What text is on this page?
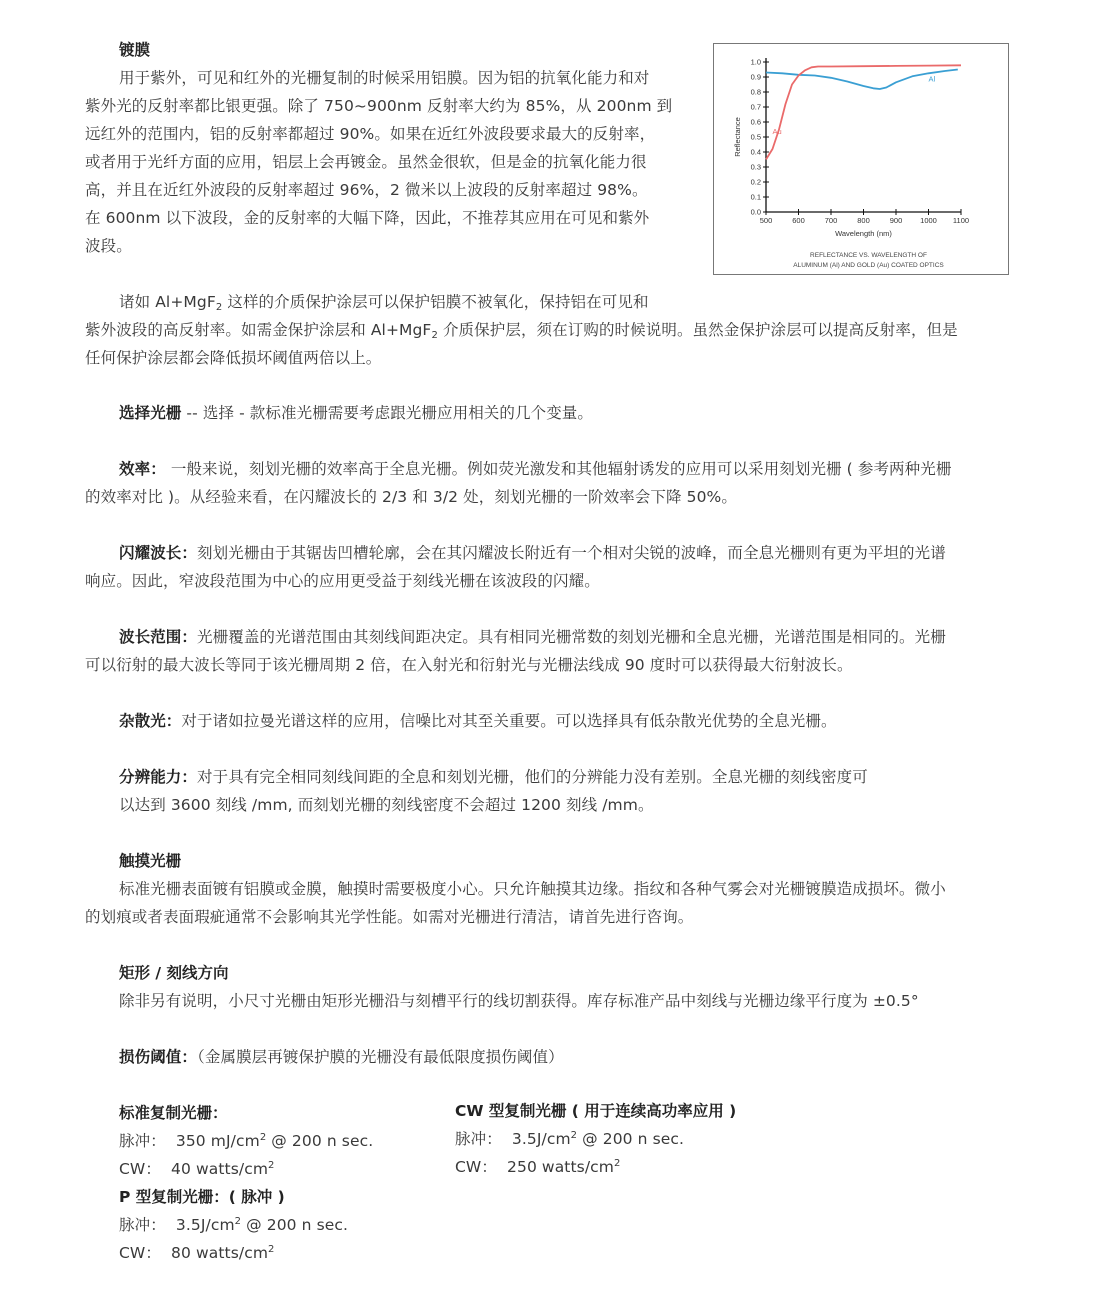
镀膜
用于紫外，可见和红外的光栅复制的时候采用铝膜。因为铝的抗氧化能力和对
紫外光的反射率都比银更强。除了 750~900nm 反射率大约为 85%，从 200nm 到
远红外的范围内，铝的反射率都超过 90%。如果在近红外波段要求最大的反射率，
或者用于光纤方面的应用，铝层上会再镀金。虽然金很软，但是金的抗氧化能力很
高，并且在近红外波段的反射率超过 96%，2 微米以上波段的反射率超过 98%。
在 600nm 以下波段，金的反射率的大幅下降，因此，不推荐其应用在可见和紫外
波段。
诸如 Al+MgF$_2$ 这样的介质保护涂层可以保护铝膜不被氧化，保持铝在可见和
紫外波段的高反射率。如需金保护涂层和 Al+MgF$_2$ 介质保护层，须在订购的时候说明。虽然金保护涂层可以提高反射率，但是
任何保护涂层都会降低损坏阈值两倍以上。
0.0
0.1
0.2
0.3
0.4
0.5
0.6
0.7
0.8
0.9
1.0
500	600	700	800	900 1000 1100
Wavelength (nm)
Reflectance
Al
Au
REFLECTANCE VS. WAVELENGTH OF
ALUMINUM (Al) AND GOLD (Au) COATED OPTICS
选择光栅 -- 选择 - 款标准光栅需要考虑跟光栅应用相关的几个变量。
效率： 一般来说，刻划光栅的效率高于全息光栅。例如荧光激发和其他辐射诱发的应用可以采用刻划光栅 ( 参考两种光栅
的效率对比 )。从经验来看，在闪耀波长的 2/3 和 3/2 处，刻划光栅的一阶效率会下降 50%。
闪耀波长：刻划光栅由于其锯齿凹槽轮廓，会在其闪耀波长附近有一个相对尖锐的波峰，而全息光栅则有更为平坦的光谱
响应。因此，窄波段范围为中心的应用更受益于刻线光栅在该波段的闪耀。
波长范围：光栅覆盖的光谱范围由其刻线间距决定。具有相同光栅常数的刻划光栅和全息光栅，光谱范围是相同的。光栅
可以衍射的最大波长等同于该光栅周期 2 倍，在入射光和衍射光与光栅法线成 90 度时可以获得最大衍射波长。
杂散光：对于诸如拉曼光谱这样的应用，信噪比对其至关重要。可以选择具有低杂散光优势的全息光栅。
分辨能力：对于具有完全相同刻线间距的全息和刻划光栅，他们的分辨能力没有差别。全息光栅的刻线密度可
以达到 3600 刻线 /mm, 而刻划光栅的刻线密度不会超过 1200 刻线 /mm。
触摸光栅
标准光栅表面镀有铝膜或金膜，触摸时需要极度小心。只允许触摸其边缘。指纹和各种气雾会对光栅镀膜造成损坏。微小
的划痕或者表面瑕疵通常不会影响其光学性能。如需对光栅进行清洁，请首先进行咨询。
矩形 / 刻线方向
除非另有说明，小尺寸光栅由矩形光栅沿与刻槽平行的线切割获得。库存标准产品中刻线与光栅边缘平行度为 ±0.5°
损伤阈值：（金属膜层再镀保护膜的光栅没有最低限度损伤阈值）
标准复制光栅：
脉冲： 350 $mJ/cm^2$ @ 200 n sec.
CW： 40 watts/$cm^2$
P 型复制光栅：( 脉冲 )
脉冲： $3.5J/cm^2$ @ 200 n sec.
CW： 80 watts/$cm^2$
CW 型复制光栅 ( 用于连续高功率应用 )
脉冲： $3.5J/cm^2$ @ 200 n sec.
CW： 250 watts/$cm^2$
